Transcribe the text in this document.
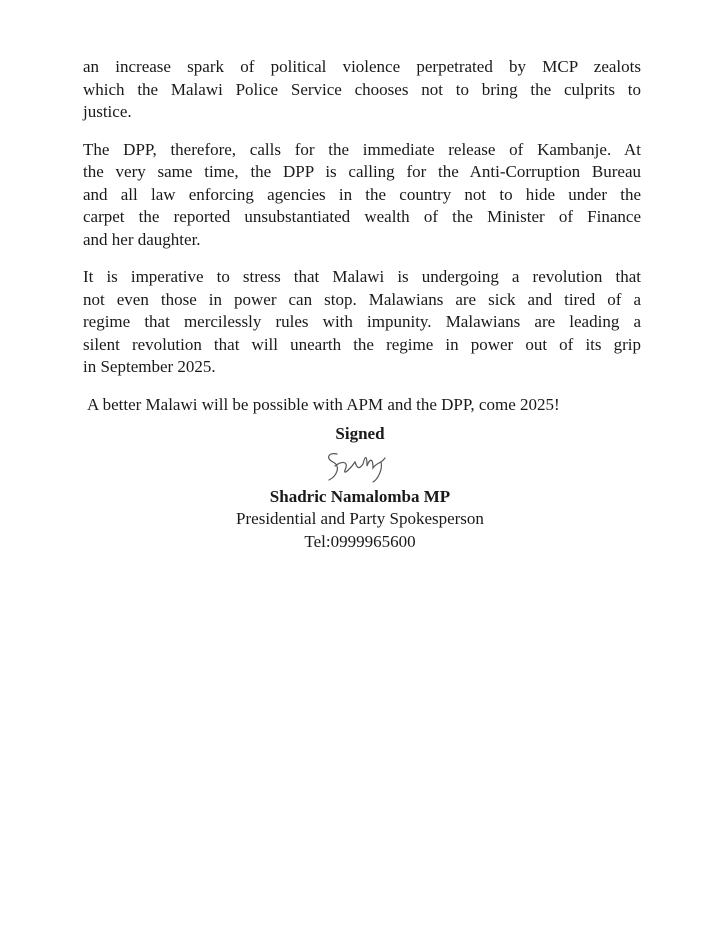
an increase spark of political violence perpetrated by MCP zealots
which the Malawi Police Service chooses not to bring the culprits to
justice.
The DPP, therefore, calls for the immediate release of Kambanje. At
the very same time, the DPP is calling for the Anti-Corruption Bureau
and all law enforcing agencies in the country not to hide under the
carpet the reported unsubstantiated wealth of the Minister of Finance
and her daughter.
It is imperative to stress that Malawi is undergoing a revolution that
not even those in power can stop. Malawians are sick and tired of a
regime that mercilessly rules with impunity. Malawians are leading a
silent revolution that will unearth the regime in power out of its grip
in September 2025.
A better Malawi will be possible with APM and the DPP, come 2025!
Signed
Shadric Namalomba MP
Presidential and Party Spokesperson
Tel:0999965600
